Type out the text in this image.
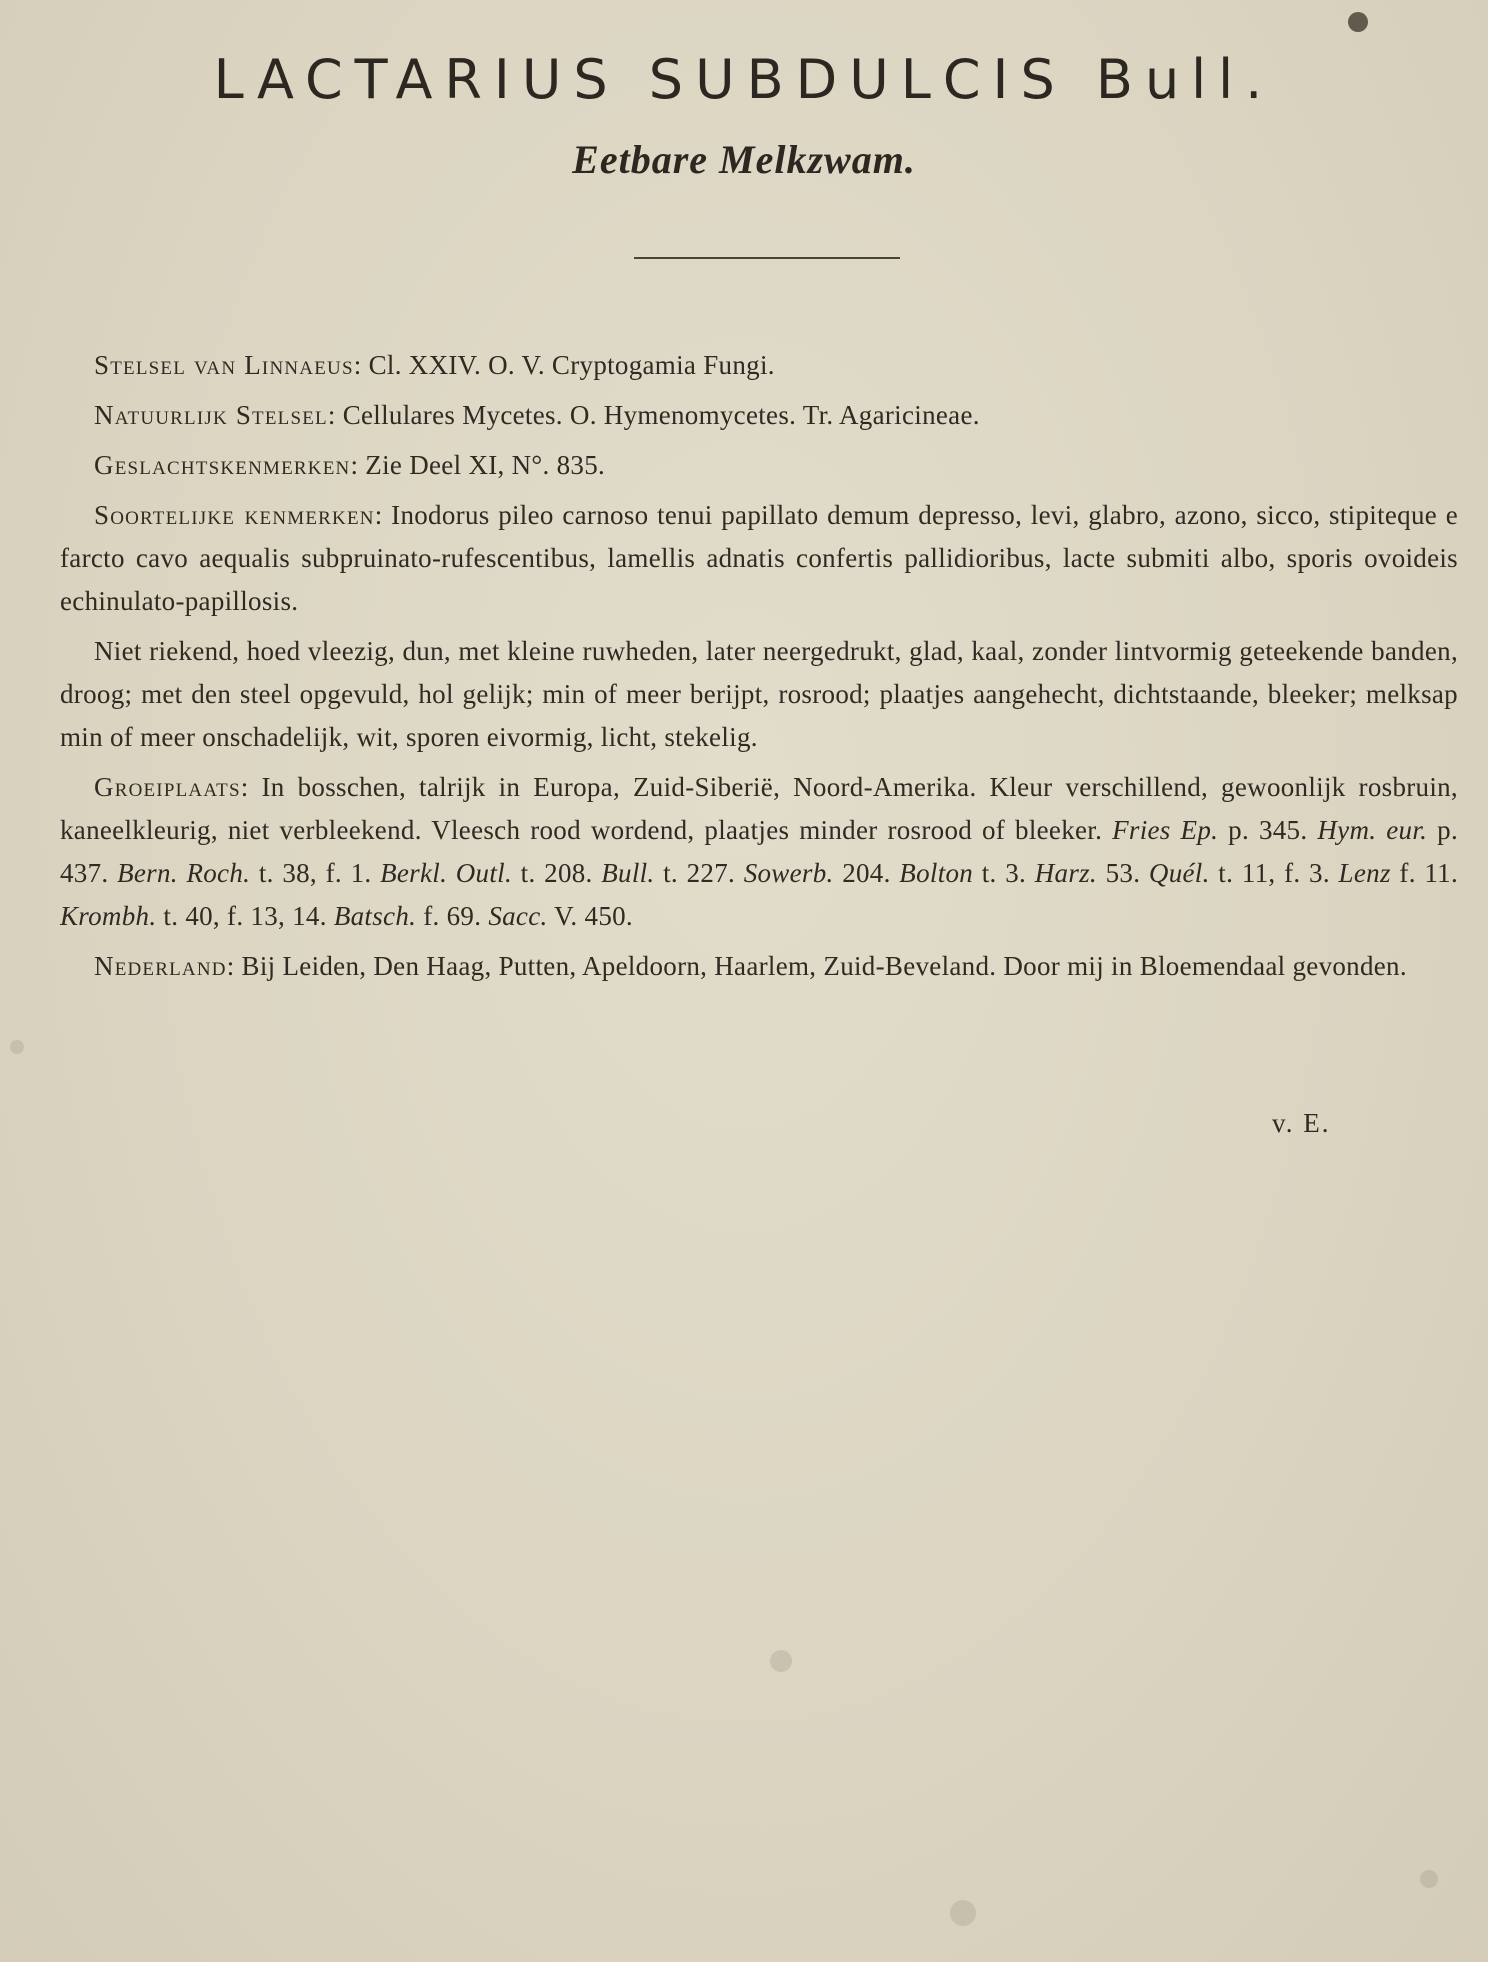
LACTARIUS SUBDULCIS Bull.
Eetbare Melkzwam.

Stelsel van Linnaeus: Cl. XXIV. O. V. Cryptogamia Fungi.

Natuurlijk Stelsel: Cellulares Mycetes. O. Hymenomycetes. Tr. Agaricineae.

Geslachtskenmerken: Zie Deel XI, N°. 835.

Soortelijke kenmerken: Inodorus pileo carnoso tenui papillato demum depresso, levi, glabro, azono, sicco, stipiteque e farcto cavo aequalis subpruinato-rufescentibus, lamellis adnatis confertis pallidioribus, lacte submiti albo, sporis ovoideis echinulato-papillosis.

Niet riekend, hoed vleezig, dun, met kleine ruwheden, later neergedrukt, glad, kaal, zonder lintvormig geteekende banden, droog; met den steel opgevuld, hol gelijk; min of meer berijpt, rosrood; plaatjes aangehecht, dichtstaande, bleeker; melksap min of meer onschadelijk, wit, sporen eivormig, licht, stekelig.

Groeiplaats: In bosschen, talrijk in Europa, Zuid-Siberië, Noord-Amerika. Kleur verschillend, gewoonlijk rosbruin, kaneelkleurig, niet verbleekend. Vleesch rood wordend, plaatjes minder rosrood of bleeker. Fries Ep. p. 345. Hym. eur. p. 437. Bern. Roch. t. 38, f. 1. Berkl. Outl. t. 208. Bull. t. 227. Sowerb. 204. Bolton t. 3. Harz. 53. Quél. t. 11, f. 3. Lenz f. 11. Krombh. t. 40, f. 13, 14. Batsch. f. 69. Sacc. V. 450.

Nederland: Bij Leiden, Den Haag, Putten, Apeldoorn, Haarlem, Zuid-Beveland. Door mij in Bloemendaal gevonden.

v. E.
